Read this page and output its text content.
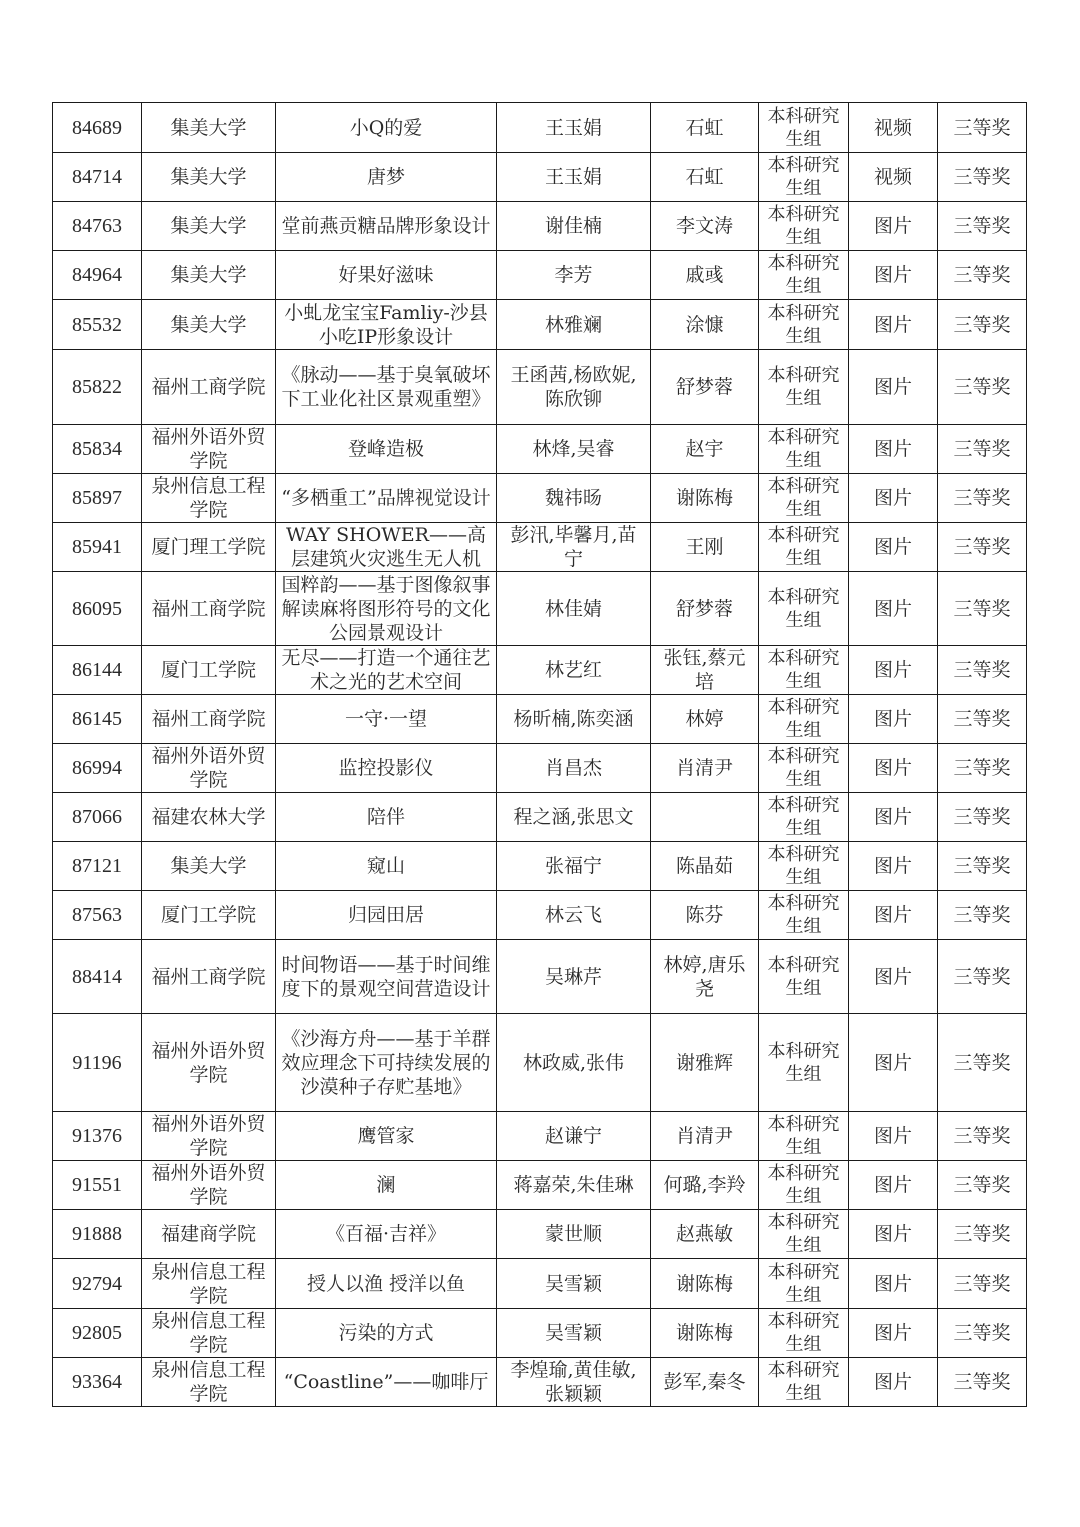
84689	集美大学	小Q的爱	王玉娟	石虹	本科研究生组	视频	三等奖
84714	集美大学	唐梦	王玉娟	石虹	本科研究生组	视频	三等奖
84763	集美大学	堂前燕贡糖品牌形象设计	谢佳楠	李文涛	本科研究生组	图片	三等奖
84964	集美大学	好果好滋味	李芳	戚彧	本科研究生组	图片	三等奖
85532	集美大学	小虬龙宝宝Famliy-沙县小吃IP形象设计	林雅斓	涂慷	本科研究生组	图片	三等奖
85822	福州工商学院	《脉动——基于臭氧破坏下工业化社区景观重塑》	王函茜,杨欧妮,陈欣铆	舒梦蓉	本科研究生组	图片	三等奖
85834	福州外语外贸学院	登峰造极	林烽,吴睿	赵宇	本科研究生组	图片	三等奖
85897	泉州信息工程学院	“多栖重工”品牌视觉设计	魏祎旸	谢陈梅	本科研究生组	图片	三等奖
85941	厦门理工学院	WAY SHOWER——高层建筑火灾逃生无人机	彭汛,毕馨月,苗宁	王刚	本科研究生组	图片	三等奖
86095	福州工商学院	国粹韵——基于图像叙事解读麻将图形符号的文化公园景观设计	林佳婧	舒梦蓉	本科研究生组	图片	三等奖
86144	厦门工学院	无尽——打造一个通往艺术之光的艺术空间	林艺红	张钰,蔡元培	本科研究生组	图片	三等奖
86145	福州工商学院	一守·一望	杨昕楠,陈奕涵	林婷	本科研究生组	图片	三等奖
86994	福州外语外贸学院	监控投影仪	肖昌杰	肖清尹	本科研究生组	图片	三等奖
87066	福建农林大学	陪伴	程之涵,张思文		本科研究生组	图片	三等奖
87121	集美大学	窥山	张福宁	陈晶茹	本科研究生组	图片	三等奖
87563	厦门工学院	归园田居	林云飞	陈芬	本科研究生组	图片	三等奖
88414	福州工商学院	时间物语——基于时间维度下的景观空间营造设计	吴琳芹	林婷,唐乐尧	本科研究生组	图片	三等奖
91196	福州外语外贸学院	《沙海方舟——基于羊群效应理念下可持续发展的沙漠种子存贮基地》	林政威,张伟	谢雅辉	本科研究生组	图片	三等奖
91376	福州外语外贸学院	鹰管家	赵谦宁	肖清尹	本科研究生组	图片	三等奖
91551	福州外语外贸学院	澜	蒋嘉荣,朱佳琳	何璐,李羚	本科研究生组	图片	三等奖
91888	福建商学院	《百福·吉祥》	蒙世顺	赵燕敏	本科研究生组	图片	三等奖
92794	泉州信息工程学院	授人以渔 授洋以鱼	吴雪颖	谢陈梅	本科研究生组	图片	三等奖
92805	泉州信息工程学院	污染的方式	吴雪颖	谢陈梅	本科研究生组	图片	三等奖
93364	泉州信息工程学院	“Coastline”——咖啡厅	李煌瑜,黄佳敏,张颖颖	彭军,秦冬	本科研究生组	图片	三等奖
